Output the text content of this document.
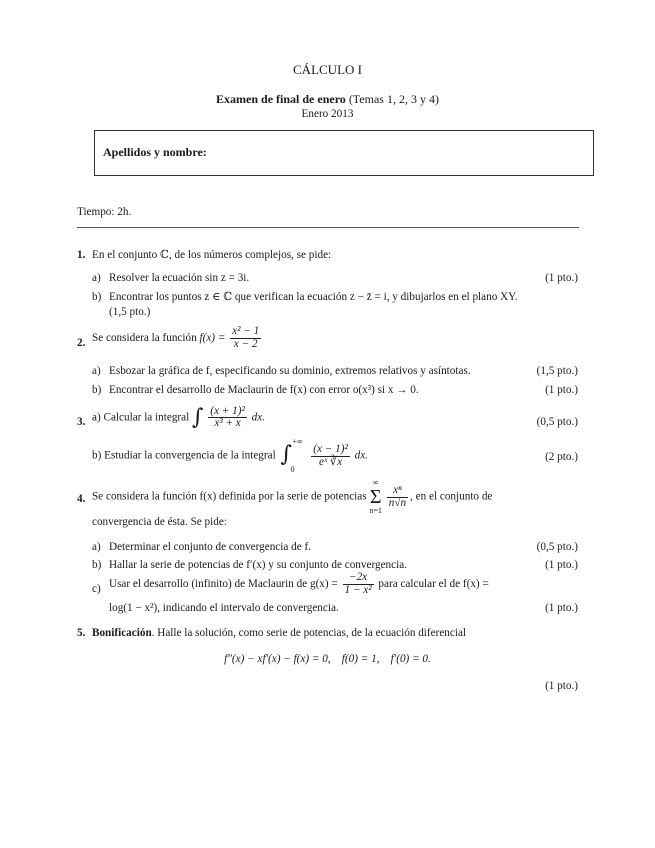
CÁLCULO I
Examen de final de enero (Temas 1, 2, 3 y 4)
Enero 2013
Apellidos y nombre:
Tiempo: 2h.
1. En el conjunto ℂ, de los números complejos, se pide:
a) Resolver la ecuación sin z = 3i.	(1 pto.)
b) Encontrar los puntos z ∈ ℂ que verifican la ecuación z − z̄ = i, y dibujarlos en el plano XY.
(1,5 pto.)
2. Se considera la función $f(x) = \frac{\text{x² − 1}}{x - 2}$
a) Esbozar la gráfica de f, especificando su dominio, extremos relativos y asíntotas.	(1,5 pto.)
b) Encontrar el desarrollo de Maclaurin de f(x) con error o(x³) si x → 0.	(1 pto.)
3. a) Calcular la integral ∫ $\frac{\text{(x + 1)²}}{\text{x³ + x}}$ dx.	(0,5 pto.)
b) Estudiar la convergencia de la integral ∫
+∞
0

$\frac{\text{(x − 1)²}}{\text{eˣ ∛x}}$ dx.	(2 pto.)
4. Se considera la función f(x) definida por la serie de potencias
∞
Σ
n=1

$\frac{\text{xⁿ}}{n√n}$ , en el conjunto de
convergencia de ésta. Se pide:
a) Determinar el conjunto de convergencia de f.	(0,5 pto.)
b) Hallar la serie de potencias de f′(x) y su conjunto de convergencia.	(1 pto.)
c) Usar el desarrollo (infinito) de Maclaurin de $g(x) = \frac{-2x}{\text{1 − x²}}$ para calcular el de f(x) =
log(1 − x²), indicando el intervalo de convergencia.	(1 pto.)
5. Bonificación. Halle la solución, como serie de potencias, de la ecuación diferencial
f″(x) − xf′(x) − f(x) = 0,    f(0) = 1,    f′(0) = 0.
(1 pto.)
